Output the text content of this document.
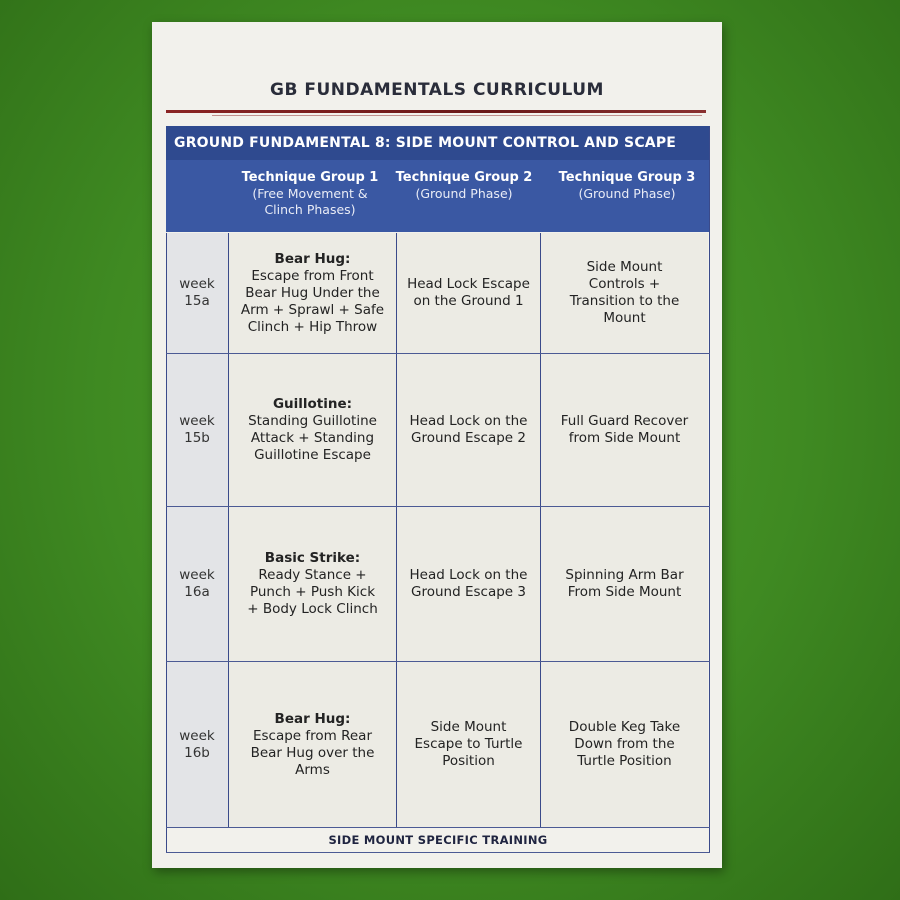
GB FUNDAMENTALS CURRICULUM
GROUND FUNDAMENTAL 8: SIDE MOUNT CONTROL AND SCAPE
Technique Group 1
(Free Movement & Clinch Phases)
Technique Group 2
(Ground Phase)
Technique Group 3
(Ground Phase)
week 15a
Bear Hug:
Escape from Front Bear Hug Under the Arm + Sprawl + Safe Clinch + Hip Throw
Head Lock Escape on the Ground 1
Side Mount Controls + Transition to the Mount
week 15b
Guillotine:
Standing Guillotine Attack + Standing Guillotine Escape
Head Lock on the Ground Escape 2
Full Guard Recover from Side Mount
week 16a
Basic Strike:
Ready Stance + Punch + Push Kick + Body Lock Clinch
Head Lock on the Ground Escape 3
Spinning Arm Bar From Side Mount
week 16b
Bear Hug:
Escape from Rear Bear Hug over the Arms
Side Mount Escape to Turtle Position
Double Keg Take Down from the Turtle Position
SIDE MOUNT SPECIFIC TRAINING
